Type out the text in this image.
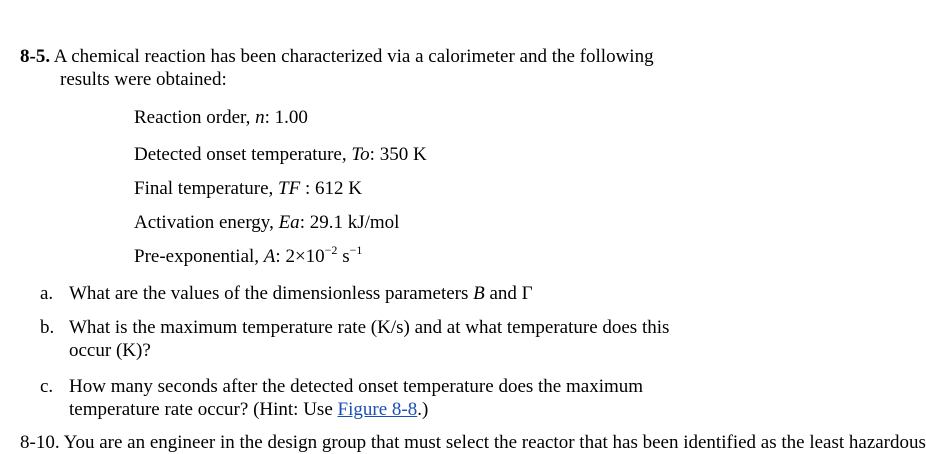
8-5. A chemical reaction has been characterized via a calorimeter and the following
results were obtained:
Reaction order, n: 1.00
Detected onset temperature, To: 350 K
Final temperature, TF : 612 K
Activation energy, Ea: 29.1 kJ/mol
Pre-exponential, A: $2\times 10^{-2}$ $s^{-1}$
a. What are the values of the dimensionless parameters B and Γ
b. What is the maximum temperature rate (K/s) and at what temperature does this
occur (K)?
c. How many seconds after the detected onset temperature does the maximum
temperature rate occur? (Hint: Use Figure 8-8.)
8-10. You are an engineer in the design group that must select the reactor that has been identified as the least hazardous
